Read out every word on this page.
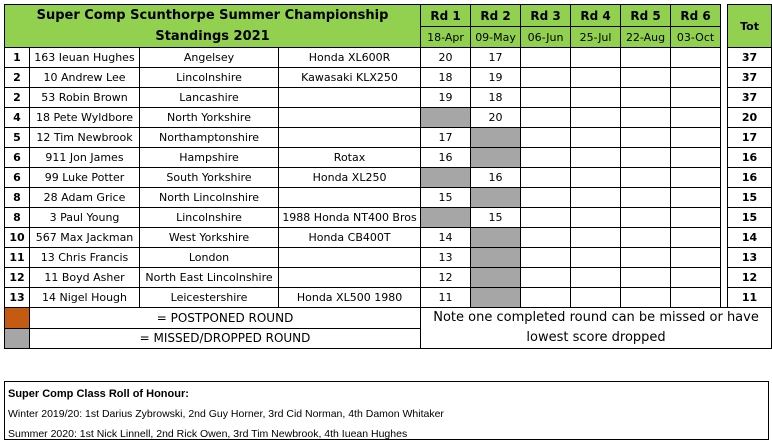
Super Comp Scunthorpe Summer Championship
Standings 2021				Rd 1	Rd 2	Rd 3	Rd 4	Rd 5	Rd 6		Tot
				18-Apr	09-May	06-Jun	25-Jul	22-Aug	03-Oct		
1	163 Ieuan Hughes	Angelsey	Honda XL600R	20	17						37
2	10 Andrew Lee	Lincolnshire	Kawasaki KLX250	18	19						37
2	53 Robin Brown	Lancashire		19	18						37
4	18 Pete Wyldbore	North Yorkshire			20						20
5	12 Tim Newbrook	Northamptonshire		17							17
6	911 Jon James	Hampshire	Rotax	16							16
6	99 Luke Potter	South Yorkshire	Honda XL250		16						16
8	28 Adam Grice	North Lincolnshire		15							15
8	3 Paul Young	Lincolnshire	1988 Honda NT400 Bros		15						15
10	567 Max Jackman	West Yorkshire	Honda CB400T	14							14
11	13 Chris Francis	London		13							13
12	11 Boyd Asher	North East Lincolnshire		12							12
13	14 Nigel Hough	Leicestershire	Honda XL500 1980	11							11
	= POSTPONED ROUND			Note one completed round can be missed or have lowest score dropped							
	= MISSED/DROPPED ROUND										
Super Comp Class Roll of Honour:
Winter 2019/20: 1st Darius Zybrowski, 2nd Guy Horner, 3rd Cid Norman, 4th Damon Whitaker
Summer 2020: 1st Nick Linnell, 2nd Rick Owen, 3rd Tim Newbrook, 4th Iuean Hughes
